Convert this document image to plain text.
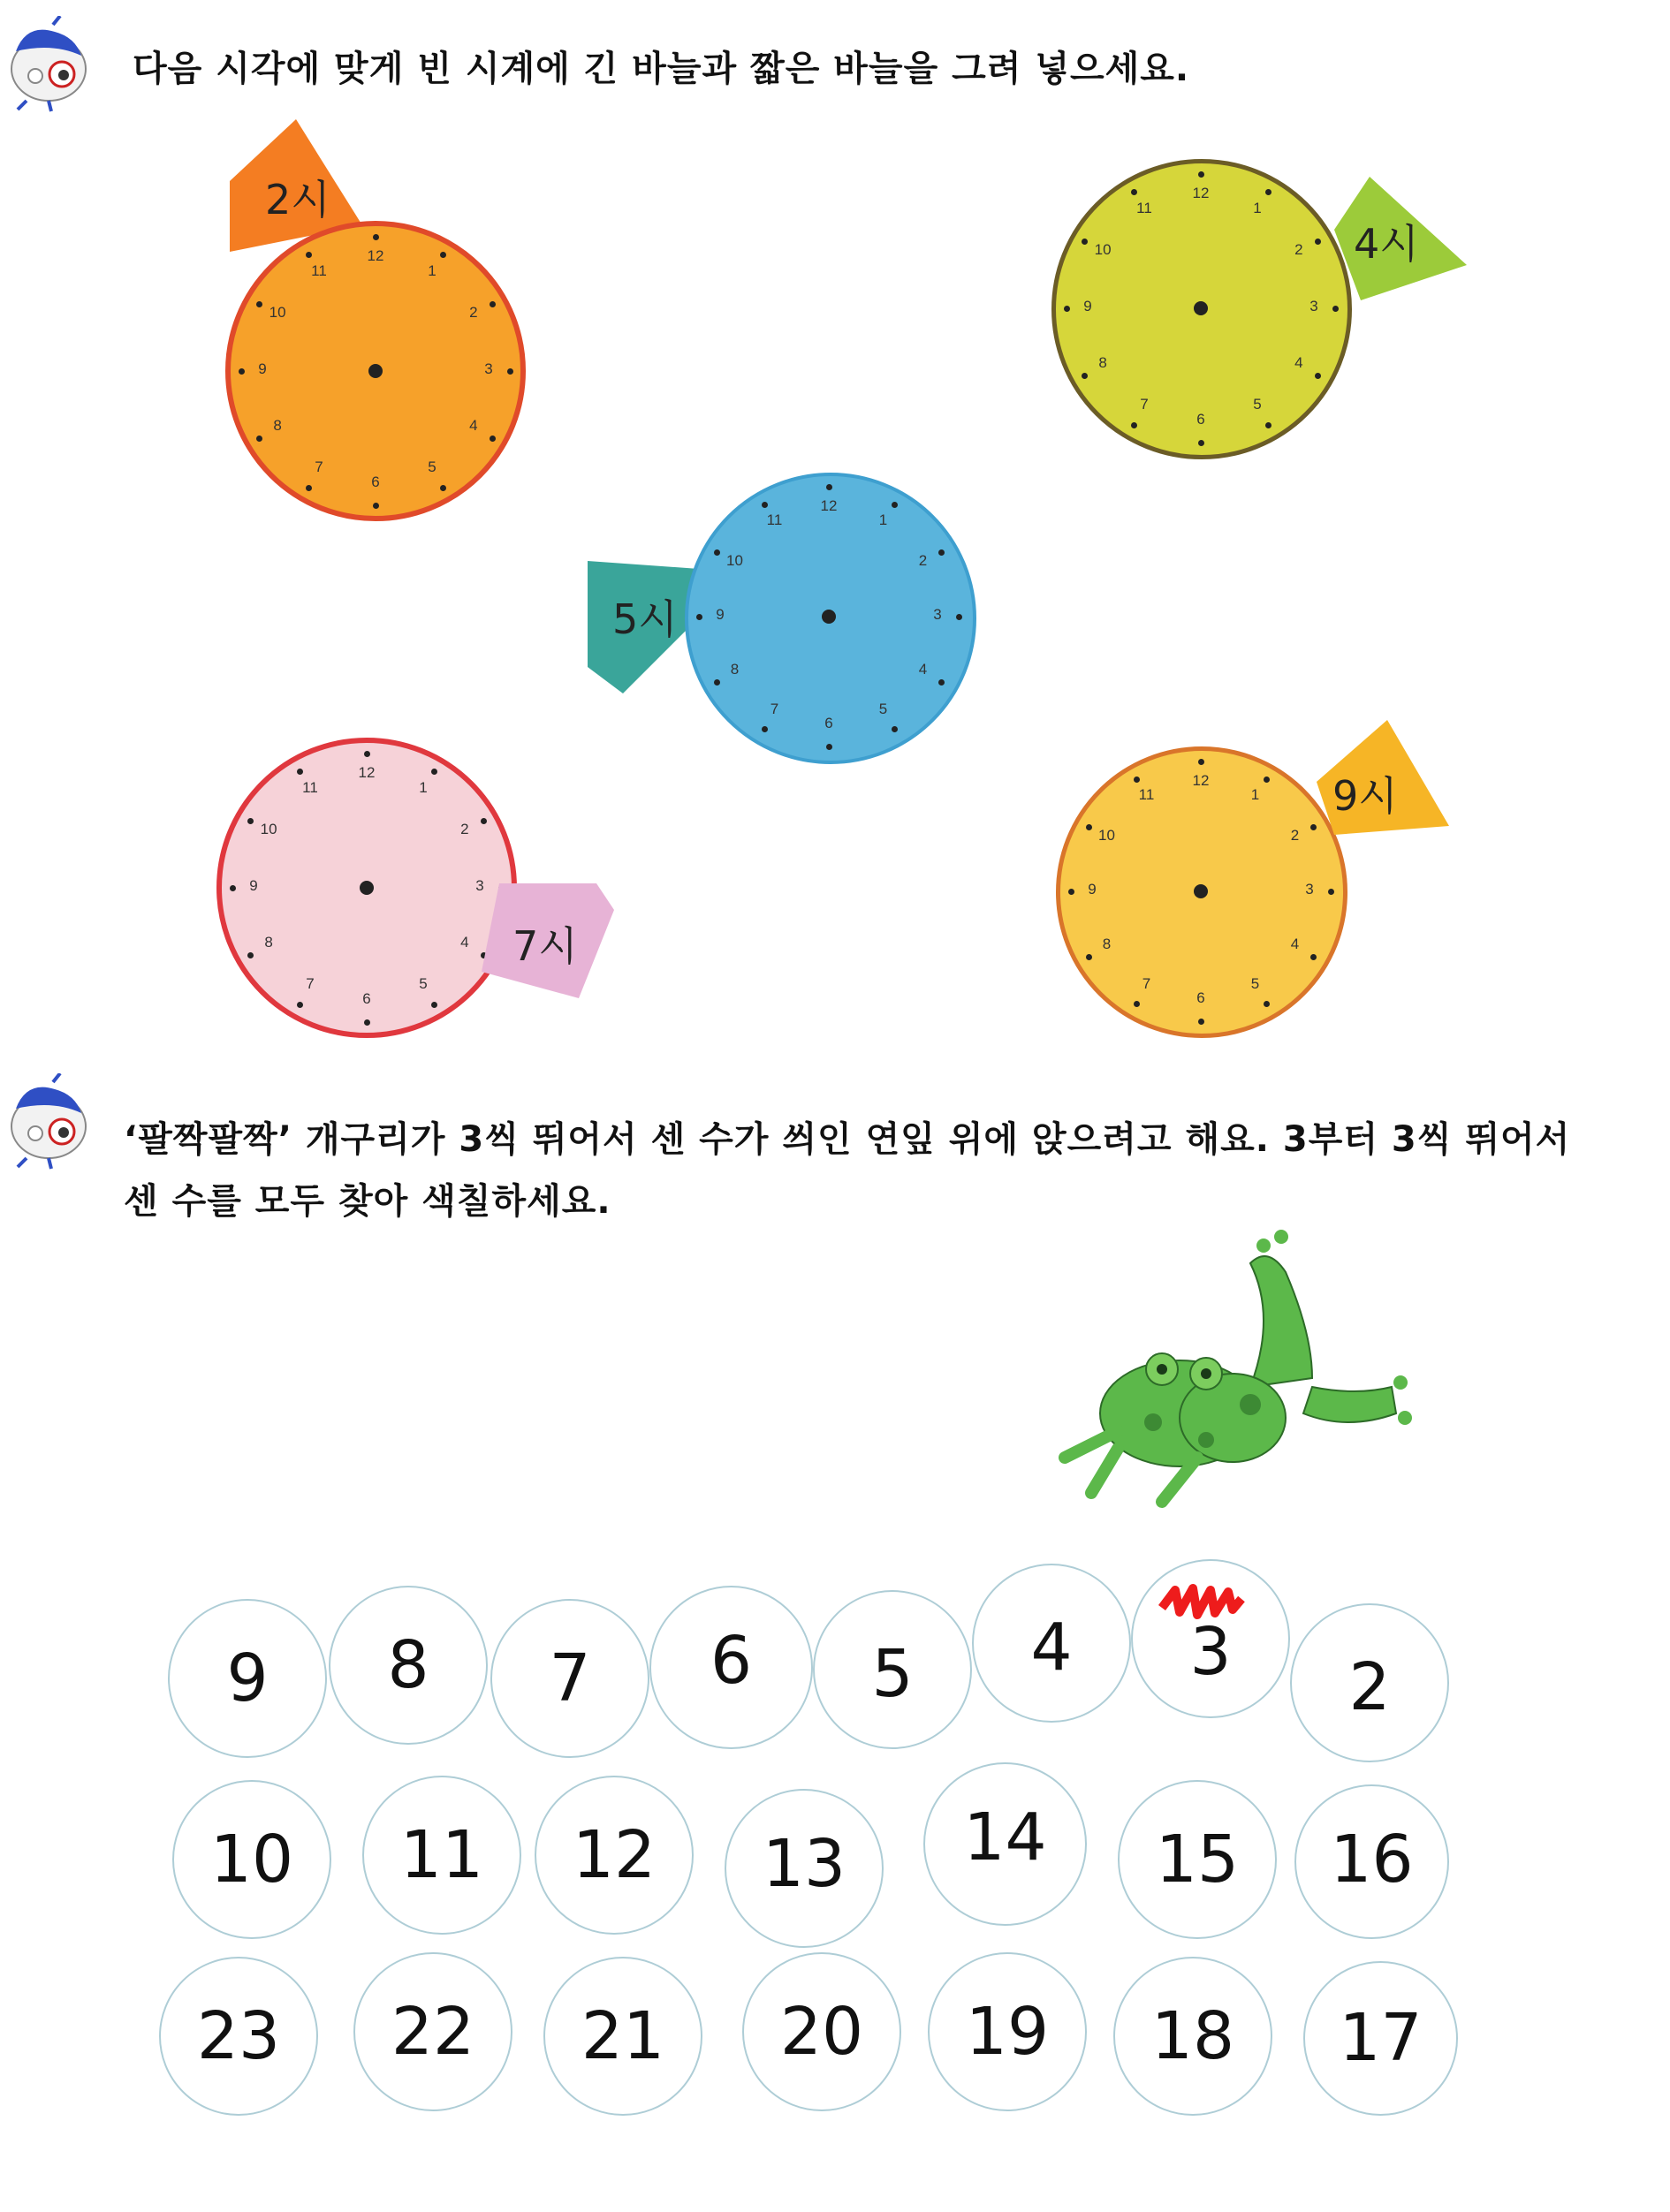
다음 시각에 맞게 빈 시계에 긴 바늘과 짧은 바늘을 그려 넣으세요.
2시
12
1
2
3
4
5
6
7
8
9
10
11
12
1
2
3
4
5
6
7
8
9
10
11
4시
5시
12
1
2
3
4
5
6
7
8
9
10
11
12
1
2
3
4
5
6
7
8
9
10
11
7시
12
1
2
3
4
5
6
7
8
9
10
11	9시
‘팔짝팔짝’ 개구리가 3씩 뛰어서 센 수가 씌인 연잎 위에 앉으려고 해요. 3부터 3씩 뛰어서
센 수를 모두 찾아 색칠하세요.
9	8	7	6	5	4	3	2
10	11	12	13	14	15	16
23	22	21	20	19	18	17
